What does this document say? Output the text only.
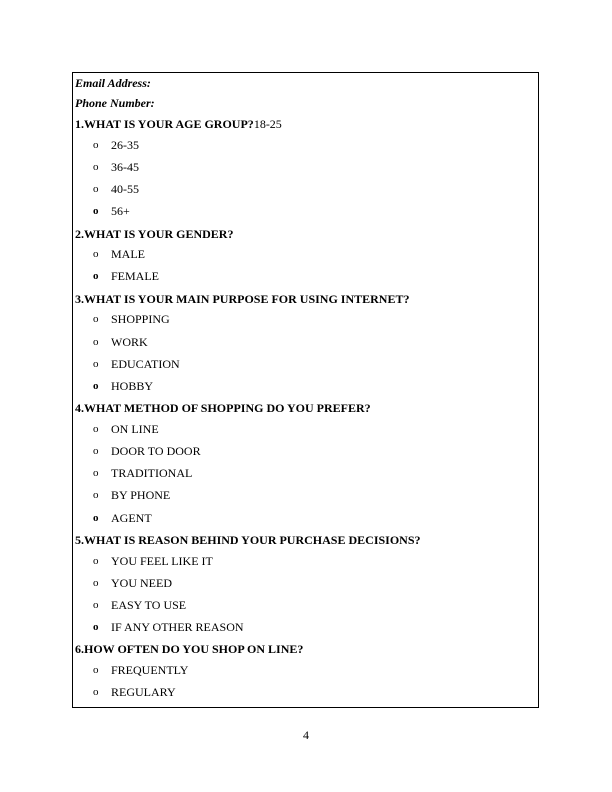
Email Address:
Phone Number:
1.WHAT IS YOUR AGE GROUP?18-25
o	26-35
o	36-45
o	40-55
o	56+
2.WHAT IS YOUR GENDER?
o	MALE
o	FEMALE
3.WHAT IS YOUR MAIN PURPOSE FOR USING INTERNET?
o	SHOPPING
o	WORK
o	EDUCATION
o	HOBBY
4.WHAT METHOD OF SHOPPING DO YOU PREFER?
o	ON LINE
o	DOOR TO DOOR
o	TRADITIONAL
o	BY PHONE
o	AGENT
5.WHAT IS REASON BEHIND YOUR PURCHASE DECISIONS?
o	YOU FEEL LIKE IT
o	YOU NEED
o	EASY TO USE
o	IF ANY OTHER REASON
6.HOW OFTEN DO YOU SHOP ON LINE?
o	FREQUENTLY
o	REGULARY
4
